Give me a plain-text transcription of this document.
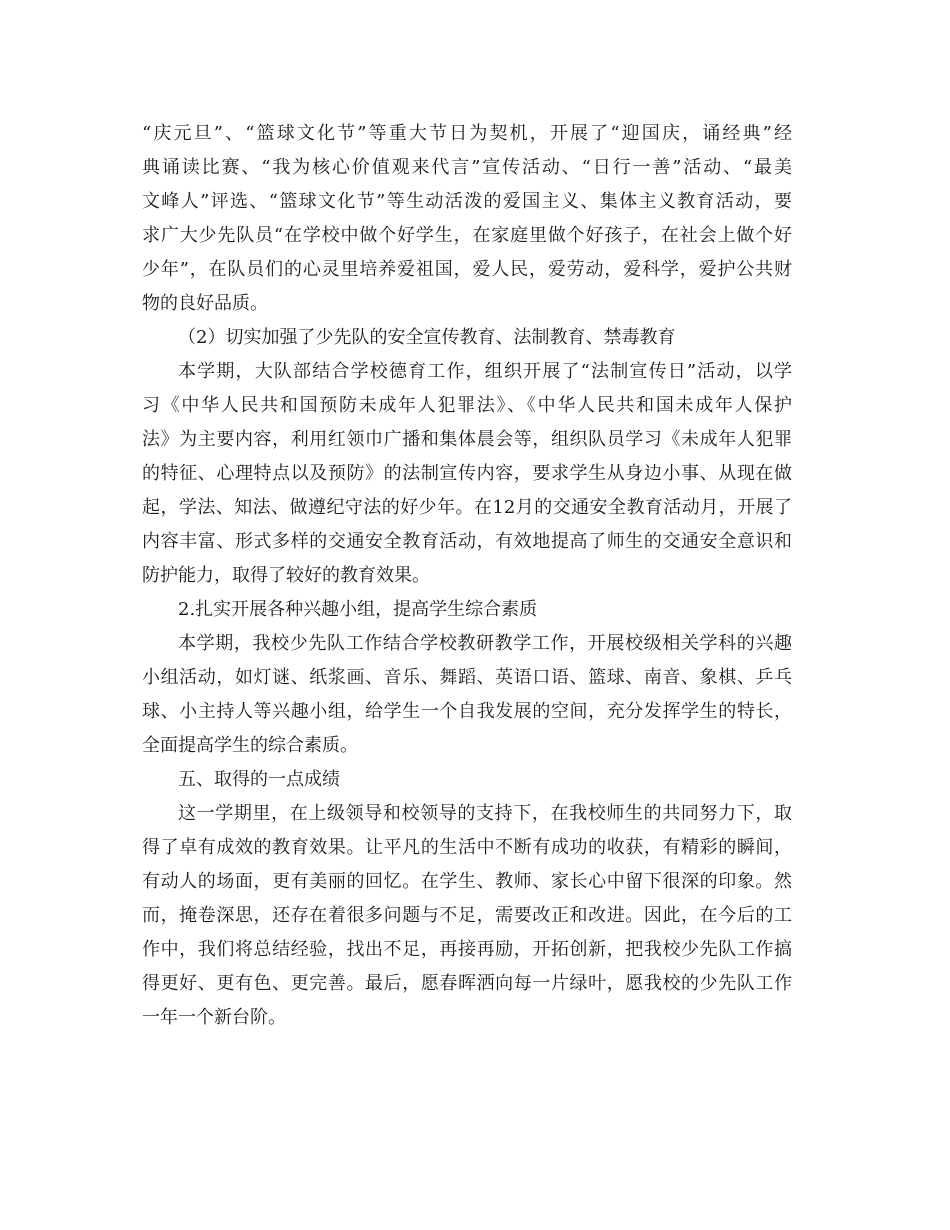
“庆元旦”、“篮球文化节”等重大节日为契机，开展了“迎国庆，诵经典”经
典诵读比赛、“我为核心价值观来代言”宣传活动、“日行一善”活动、“最美
文峰人”评选、“篮球文化节”等生动活泼的爱国主义、集体主义教育活动，要
求广大少先队员“在学校中做个好学生，在家庭里做个好孩子，在社会上做个好
少年”，在队员们的心灵里培养爱祖国，爱人民，爱劳动，爱科学，爱护公共财
物的良好品质。
（2）切实加强了少先队的安全宣传教育、法制教育、禁毒教育
本学期，大队部结合学校德育工作，组织开展了“法制宣传日”活动，以学
习《中华人民共和国预防未成年人犯罪法》、《中华人民共和国未成年人保护
法》为主要内容，利用红领巾广播和集体晨会等，组织队员学习《未成年人犯罪
的特征、心理特点以及预防》的法制宣传内容，要求学生从身边小事、从现在做
起，学法、知法、做遵纪守法的好少年。在12月的交通安全教育活动月，开展了
内容丰富、形式多样的交通安全教育活动，有效地提高了师生的交通安全意识和
防护能力，取得了较好的教育效果。
2.扎实开展各种兴趣小组，提高学生综合素质
本学期，我校少先队工作结合学校教研教学工作，开展校级相关学科的兴趣
小组活动，如灯谜、纸浆画、音乐、舞蹈、英语口语、篮球、南音、象棋、乒乓
球、小主持人等兴趣小组，给学生一个自我发展的空间，充分发挥学生的特长，
全面提高学生的综合素质。
五、取得的一点成绩
这一学期里，在上级领导和校领导的支持下，在我校师生的共同努力下，取
得了卓有成效的教育效果。让平凡的生活中不断有成功的收获，有精彩的瞬间，
有动人的场面，更有美丽的回忆。在学生、教师、家长心中留下很深的印象。然
而，掩卷深思，还存在着很多问题与不足，需要改正和改进。因此，在今后的工
作中，我们将总结经验，找出不足，再接再励，开拓创新，把我校少先队工作搞
得更好、更有色、更完善。最后，愿春晖洒向每一片绿叶，愿我校的少先队工作
一年一个新台阶。
